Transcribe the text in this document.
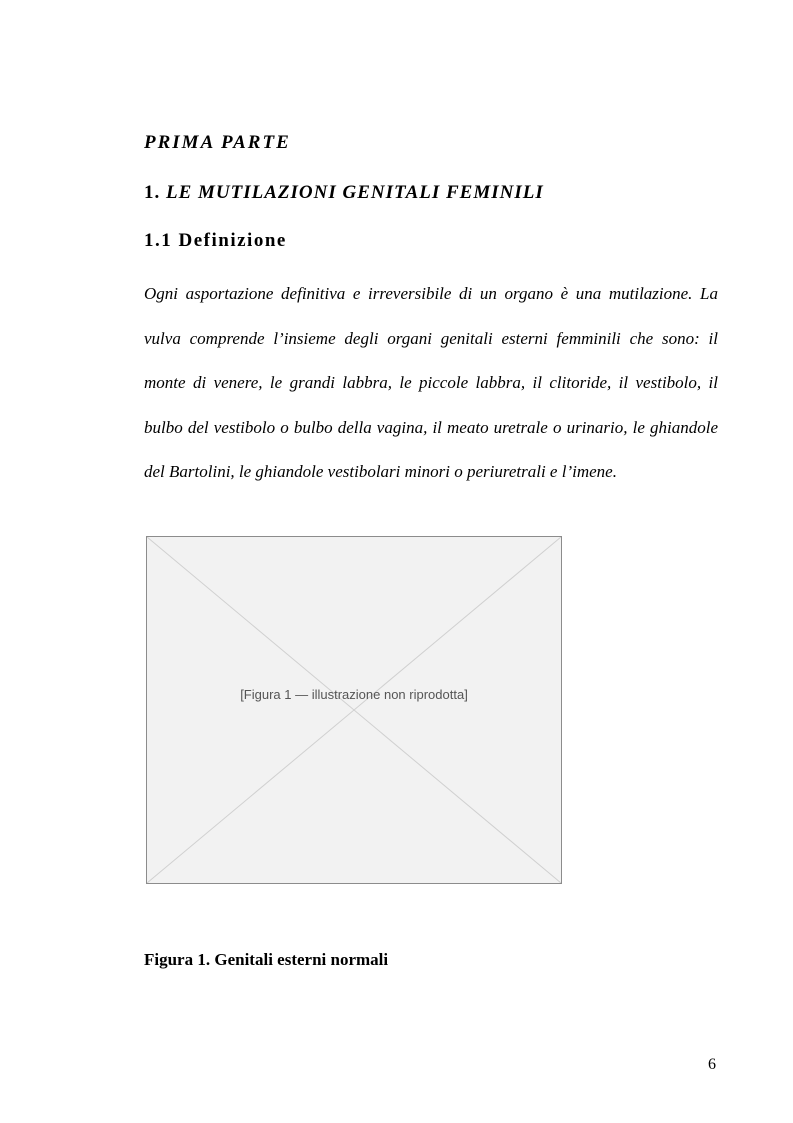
PRIMA PARTE
1. LE MUTILAZIONI GENITALI FEMINILI
1.1 Definizione

Ogni asportazione definitiva e irreversibile di un organo è una mutilazione. La vulva comprende l’insieme degli organi genitali esterni femminili che sono: il monte di venere, le grandi labbra, le piccole labbra, il clitoride, il vestibolo, il bulbo del vestibolo o bulbo della vagina, il meato uretrale o urinario, le ghiandole del Bartolini, le ghiandole vestibolari minori o periuretrali e l’imene.

[Figura 1 — illustrazione non riprodotta]

Figura 1. Genitali esterni normali

6
